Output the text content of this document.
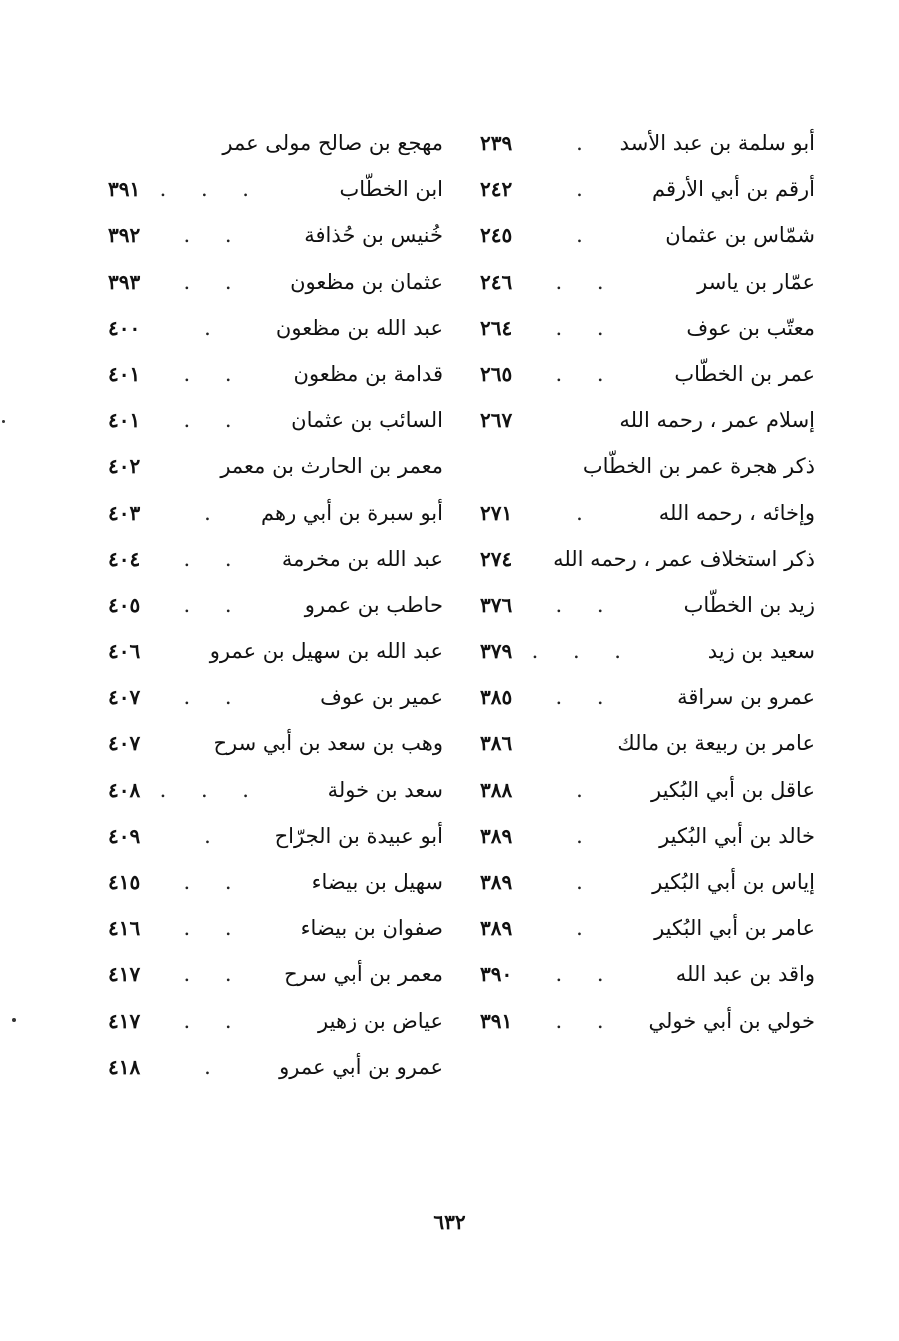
أبو سلمة بن عبد الأسد
.
٢٣٩
أرقم بن أبي الأرقم
.
٢٤٢
شمّاس بن عثمان
.
٢٤٥
عمّار بن ياسر
. .
٢٤٦
معتّب بن عوف
. .
٢٦٤
عمر بن الخطّاب
. .
٢٦٥
إسلام عمر ، رحمه الله
٢٦٧
ذكر هجرة عمر بن الخطّاب
وإخائه ، رحمه الله
.
٢٧١
ذكر استخلاف عمر ، رحمه الله
٢٧٤
زيد بن الخطّاب
. .
٣٧٦
سعيد بن زيد
. . .
٣٧٩
عمرو بن سراقة
. .
٣٨٥
عامر بن ربيعة بن مالك
٣٨٦
عاقل بن أبي البُكير
.
٣٨٨
خالد بن أبي البُكير
.
٣٨٩
إياس بن أبي البُكير
.
٣٨٩
عامر بن أبي البُكير
.
٣٨٩
واقد بن عبد الله
. .
٣٩٠
خولي بن أبي خولي
. .
٣٩١
مهجع بن صالح مولى عمر
ابن الخطّاب
. . .
٣٩١
خُنيس بن حُذافة
. .
٣٩٢
عثمان بن مظعون
. .
٣٩٣
عبد الله بن مظعون
.
٤٠٠
قدامة بن مظعون
. .
٤٠١
السائب بن عثمان
. .
٤٠١
معمر بن الحارث بن معمر
٤٠٢
أبو سبرة بن أبي رهم
.
٤٠٣
عبد الله بن مخرمة
. .
٤٠٤
حاطب بن عمرو
. .
٤٠٥
عبد الله بن سهيل بن عمرو
٤٠٦
عمير بن عوف
. .
٤٠٧
وهب بن سعد بن أبي سرح
٤٠٧
سعد بن خولة
. . .
٤٠٨
أبو عبيدة بن الجرّاح
.
٤٠٩
سهيل بن بيضاء
. .
٤١٥
صفوان بن بيضاء
. .
٤١٦
معمر بن أبي سرح
. .
٤١٧
عياض بن زهير
. .
٤١٧
عمرو بن أبي عمرو
.
٤١٨
٦٣٢
